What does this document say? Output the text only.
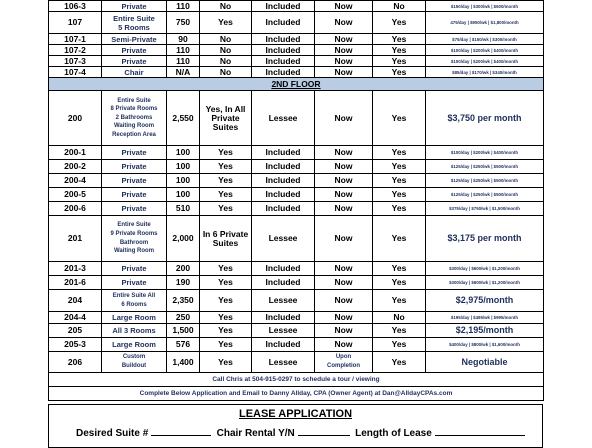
106-3	Private	110	No	Included	Now	No	$150/day | $300/wk | $600/month
107	Entire Suite
5 Rooms	750	Yes	Included	Now	Yes	475/day | $950/wk | $1,800/month
107-1	Semi-Private	90	No	Included	Now	Yes	$75/day | $150/wk | $300/month
107-2	Private	110	No	Included	Now	Yes	$100/day | $200/wk | $400/month
107-3	Private	110	No	Included	Now	Yes	$100/day | $200/wk | $400/month
107-4	Chair	N/A	No	Included	Now	Yes	$85/day | $170/wk | $340/month
2ND FLOOR							
200	Entire Suite
8 Private Rooms
2 Bathrooms
Waiting Room
Reception Area	2,550	Yes, In All
Private
Suites	Lessee	Now	Yes	$3,750 per month
200-1	Private	100	Yes	Included	Now	Yes	$100/day | $200/wk | $400/month
200-2	Private	100	Yes	Included	Now	Yes	$125/day | $250/wk | $500/month
200-4	Private	100	Yes	Included	Now	Yes	$125/day | $250/wk | $500/month
200-5	Private	100	Yes	Included	Now	Yes	$125/day | $250/wk | $500/month
200-6	Private	510	Yes	Included	Now	Yes	$375/day | $750/wk | $1,500/month
201	Entire Suite
9 Private Rooms
Bathroom
Waiting Room	2,000	In 6 Private
Suites	Lessee	Now	Yes	$3,175 per month
201-3	Private	200	Yes	Included	Now	Yes	$300/day | $600/wk | $1,200/month
201-6	Private	190	Yes	Included	Now	Yes	$300/day | $600/wk | $1,200/month
204	Entire Suite All
6 Rooms	2,350	Yes	Lessee	Now	Yes	$2,975/month
204-4	Large Room	250	Yes	Included	Now	No	$195/day | $495/wk | $995/month
205	All 3 Rooms	1,500	Yes	Lessee	Now	Yes	$2,195/month
205-3	Large Room	576	Yes	Included	Now	Yes	$400/day | $800/wk | $1,600/month
206	Custom
Buildout	1,400	Yes	Lessee	Upon
Completion	Yes	Negotiable
Call Chris at 504-915-0297 to schedule a tour / viewing							
Complete Below Application and Email to Danny Allday, CPA (Owner Agent) at Dan@AlldayCPAs.com							
LEASE APPLICATION
Desired Suite #	Chair Rental Y/N	Length of Lease
